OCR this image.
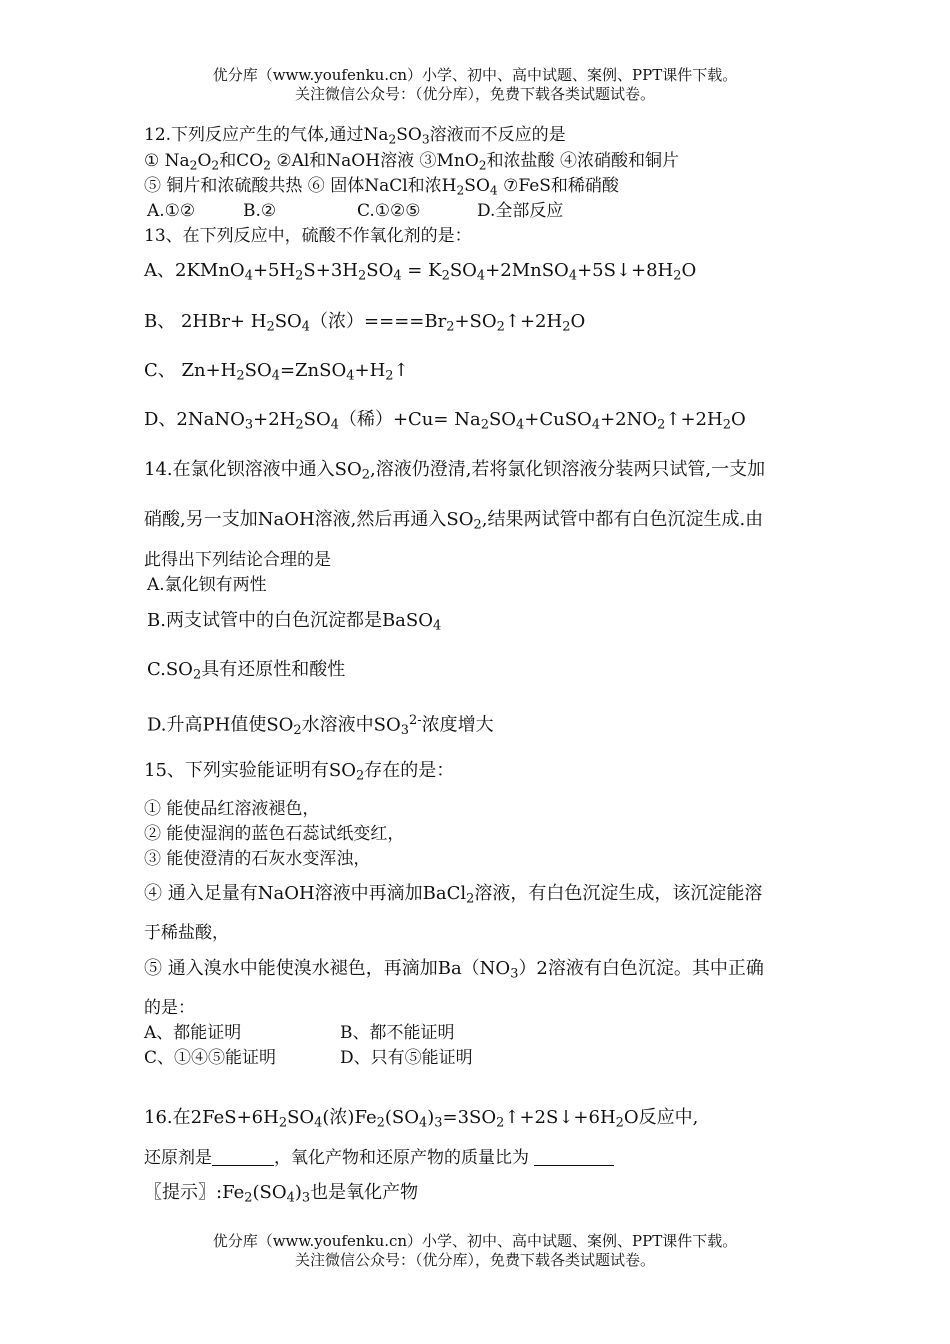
优分库（www.youfenku.cn）小学、初中、高中试题、案例、PPT课件下载。
关注微信公众号：（优分库），免费下载各类试题试卷。
12.下列反应产生的气体,通过$Na_2SO_3$溶液而不反应的是
① $Na_2O_2$和$CO_2$ ②Al和NaOH溶液 ③MnO$_2$和浓盐酸 ④浓硝酸和铜片
⑤ 铜片和浓硫酸共热 ⑥ 固体NaCl和浓$H_2SO_4$ ⑦FeS和稀硝酸
A.①②	B.②	C.①②⑤	D.全部反应
13、在下列反应中，硫酸不作氧化剂的是：
A、$2KMnO_4+5H_2S+3H_2SO_4$ = $K_2SO_4+2MnSO_4+5S↓+8H_2O$
B、 $2HBr+ H_2SO_4$（浓）$====Br_2+SO_2↑+2H_2O$
C、 $Zn+H_2SO_4=ZnSO_4+H_2↑$
D、$2NaNO_3+2H_2SO_4$（稀）$+Cu= Na_2SO_4+CuSO_4+2NO_2↑+2H_2O$
14.在氯化钡溶液中通入$SO_2$,溶液仍澄清,若将氯化钡溶液分装两只试管,一支加
硝酸,另一支加NaOH溶液,然后再通入$SO_2$,结果两试管中都有白色沉淀生成.由
此得出下列结论合理的是
A.氯化钡有两性
B.两支试管中的白色沉淀都是BaSO$_4$
$C.SO_2$具有还原性和酸性
D.升高PH值使$SO_2$水溶液中$SO_3^{2-}$浓度增大
15、下列实验能证明有$SO_2$存在的是：
① 能使品红溶液褪色，
② 能使湿润的蓝色石蕊试纸变红，
③ 能使澄清的石灰水变浑浊，
④ 通入足量有NaOH溶液中再滴加BaCl$_2$溶液，有白色沉淀生成，该沉淀能溶
于稀盐酸，
⑤ 通入溴水中能使溴水褪色，再滴加$Ba(NO_3)2$溶液有白色沉淀。其中正确
的是：
A、都能证明	B、都不能证明
C、①④⑤能证明	D、只有⑤能证明
16.在$2FeS+6H_2SO_4$(浓)$Fe_2(SO_4)_3=3SO_2↑+2S↓+6H_2O$反应中,
还原剂是	，氧化产物和还原产物的质量比为
〖提示〗$:Fe_2(SO_4)_3$也是氧化产物
优分库（www.youfenku.cn）小学、初中、高中试题、案例、PPT课件下载。
关注微信公众号：（优分库），免费下载各类试题试卷。
